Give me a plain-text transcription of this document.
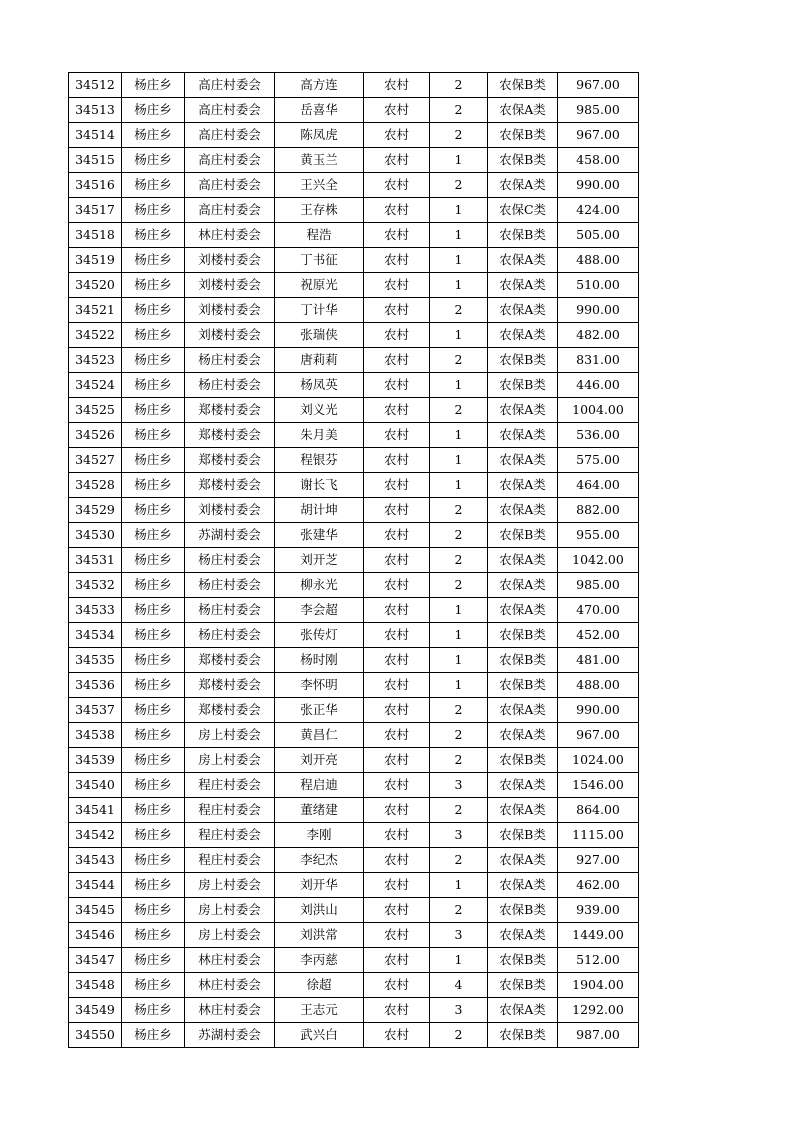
34512	杨庄乡	高庄村委会	高方连	农村	2	农保B类	967.00
34513	杨庄乡	高庄村委会	岳喜华	农村	2	农保A类	985.00
34514	杨庄乡	高庄村委会	陈凤虎	农村	2	农保B类	967.00
34515	杨庄乡	高庄村委会	黄玉兰	农村	1	农保B类	458.00
34516	杨庄乡	高庄村委会	王兴全	农村	2	农保A类	990.00
34517	杨庄乡	高庄村委会	王存株	农村	1	农保C类	424.00
34518	杨庄乡	林庄村委会	程浩	农村	1	农保B类	505.00
34519	杨庄乡	刘楼村委会	丁书征	农村	1	农保A类	488.00
34520	杨庄乡	刘楼村委会	祝原光	农村	1	农保A类	510.00
34521	杨庄乡	刘楼村委会	丁计华	农村	2	农保A类	990.00
34522	杨庄乡	刘楼村委会	张瑞侠	农村	1	农保A类	482.00
34523	杨庄乡	杨庄村委会	唐莉莉	农村	2	农保B类	831.00
34524	杨庄乡	杨庄村委会	杨凤英	农村	1	农保B类	446.00
34525	杨庄乡	郑楼村委会	刘义光	农村	2	农保A类	1004.00
34526	杨庄乡	郑楼村委会	朱月美	农村	1	农保A类	536.00
34527	杨庄乡	郑楼村委会	程银芬	农村	1	农保A类	575.00
34528	杨庄乡	郑楼村委会	谢长飞	农村	1	农保A类	464.00
34529	杨庄乡	刘楼村委会	胡计坤	农村	2	农保A类	882.00
34530	杨庄乡	苏湖村委会	张建华	农村	2	农保B类	955.00
34531	杨庄乡	杨庄村委会	刘开芝	农村	2	农保A类	1042.00
34532	杨庄乡	杨庄村委会	柳永光	农村	2	农保A类	985.00
34533	杨庄乡	杨庄村委会	李会超	农村	1	农保A类	470.00
34534	杨庄乡	杨庄村委会	张传灯	农村	1	农保B类	452.00
34535	杨庄乡	郑楼村委会	杨时刚	农村	1	农保B类	481.00
34536	杨庄乡	郑楼村委会	李怀明	农村	1	农保B类	488.00
34537	杨庄乡	郑楼村委会	张正华	农村	2	农保A类	990.00
34538	杨庄乡	房上村委会	黄昌仁	农村	2	农保A类	967.00
34539	杨庄乡	房上村委会	刘开亮	农村	2	农保B类	1024.00
34540	杨庄乡	程庄村委会	程启迪	农村	3	农保A类	1546.00
34541	杨庄乡	程庄村委会	董绪建	农村	2	农保A类	864.00
34542	杨庄乡	程庄村委会	李刚	农村	3	农保B类	1115.00
34543	杨庄乡	程庄村委会	李纪杰	农村	2	农保A类	927.00
34544	杨庄乡	房上村委会	刘开华	农村	1	农保A类	462.00
34545	杨庄乡	房上村委会	刘洪山	农村	2	农保B类	939.00
34546	杨庄乡	房上村委会	刘洪常	农村	3	农保A类	1449.00
34547	杨庄乡	林庄村委会	李丙慈	农村	1	农保B类	512.00
34548	杨庄乡	林庄村委会	徐超	农村	4	农保B类	1904.00
34549	杨庄乡	林庄村委会	王志元	农村	3	农保A类	1292.00
34550	杨庄乡	苏湖村委会	武兴白	农村	2	农保B类	987.00
